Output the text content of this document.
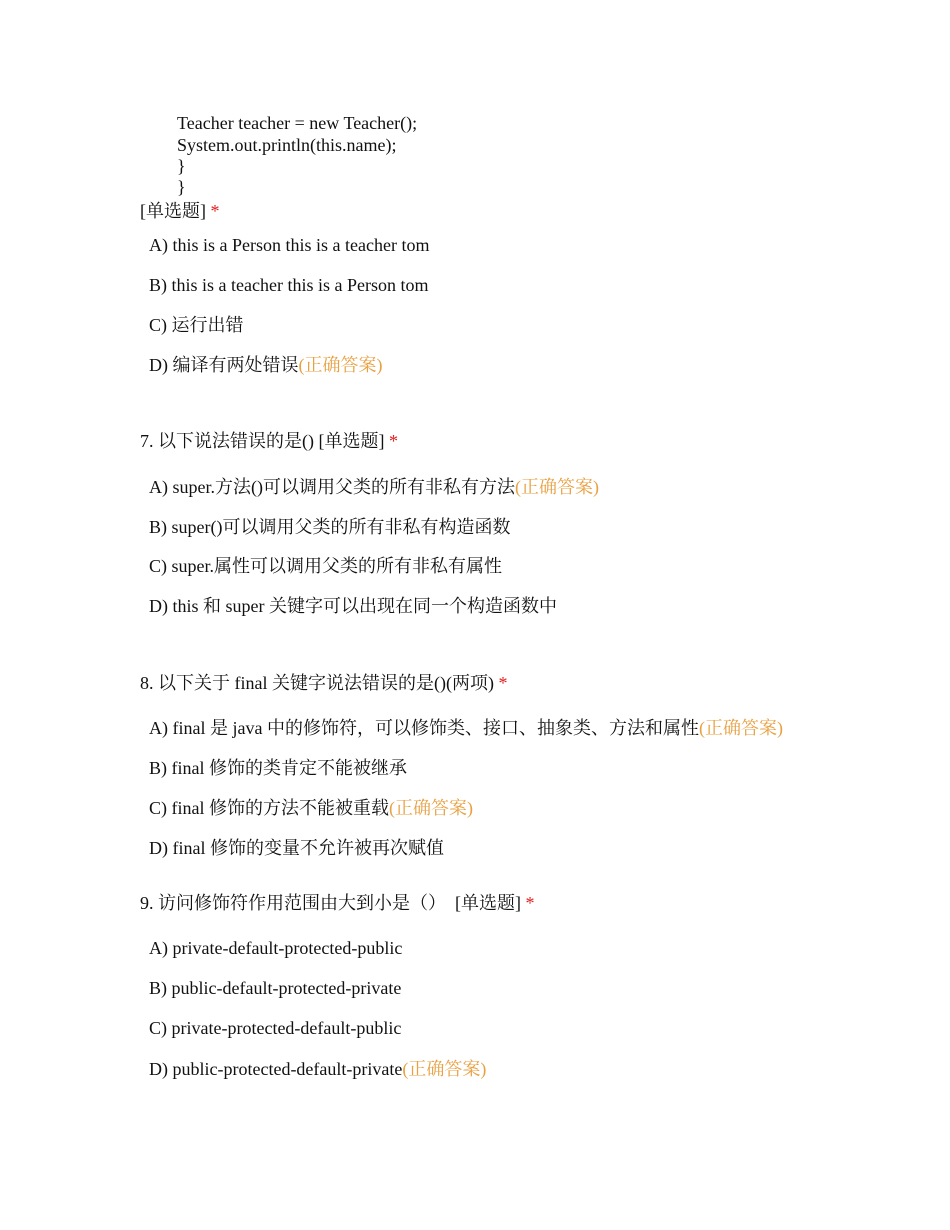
Teacher teacher = new Teacher();
System.out.println(this.name);
}
}
[单选题] *
A) this is a Person this is a teacher tom
B) this is a teacher this is a Person tom
C) 运行出错
D) 编译有两处错误(正确答案)
7. 以下说法错误的是() [单选题] *
A) super.方法()可以调用父类的所有非私有方法(正确答案)
B) super()可以调用父类的所有非私有构造函数
C) super.属性可以调用父类的所有非私有属性
D) this 和 super 关键字可以出现在同一个构造函数中
8. 以下关于 final 关键字说法错误的是()(两项) *
A) final 是 java 中的修饰符，可以修饰类、接口、抽象类、方法和属性(正确答案)
B) final 修饰的类肯定不能被继承
C) final 修饰的方法不能被重载(正确答案)
D) final 修饰的变量不允许被再次赋值
9. 访问修饰符作用范围由大到小是（）  [单选题] *
A) private-default-protected-public
B) public-default-protected-private
C) private-protected-default-public
D) public-protected-default-private(正确答案)
